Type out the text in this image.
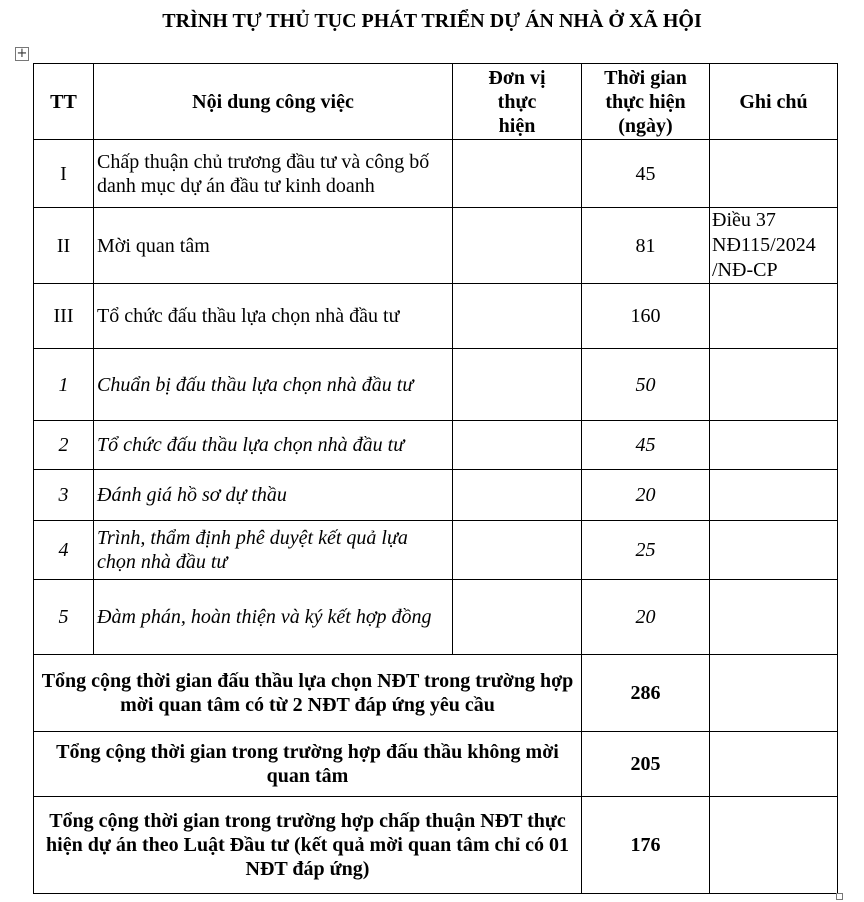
TRÌNH TỰ THỦ TỤC PHÁT TRIỂN DỰ ÁN NHÀ Ở XÃ HỘI
+
TT	Nội dung công việc	Đơn vị thực hiện	Thời gian thực hiện (ngày)	Ghi chú
I	Chấp thuận chủ trương đầu tư và công bố danh mục dự án đầu tư kinh doanh		45	
II	Mời quan tâm		81	Điều 37 NĐ115/2024 /NĐ-CP
III	Tổ chức đấu thầu lựa chọn nhà đầu tư		160	
1	Chuẩn bị đấu thầu lựa chọn nhà đầu tư		50	
2	Tổ chức đấu thầu lựa chọn nhà đầu tư		45	
3	Đánh giá hồ sơ dự thầu		20	
4	Trình, thẩm định phê duyệt kết quả lựa chọn nhà đầu tư		25	
5	Đàm phán, hoàn thiện và ký kết hợp đồng		20	
Tổng cộng thời gian đấu thầu lựa chọn NĐT trong trường hợp mời quan tâm có từ 2 NĐT đáp ứng yêu cầu			286	
Tổng cộng thời gian trong trường hợp đấu thầu không mời quan tâm			205	
Tổng cộng thời gian trong trường hợp chấp thuận NĐT thực hiện dự án theo Luật Đầu tư (kết quả mời quan tâm chỉ có 01 NĐT đáp ứng)			176	
